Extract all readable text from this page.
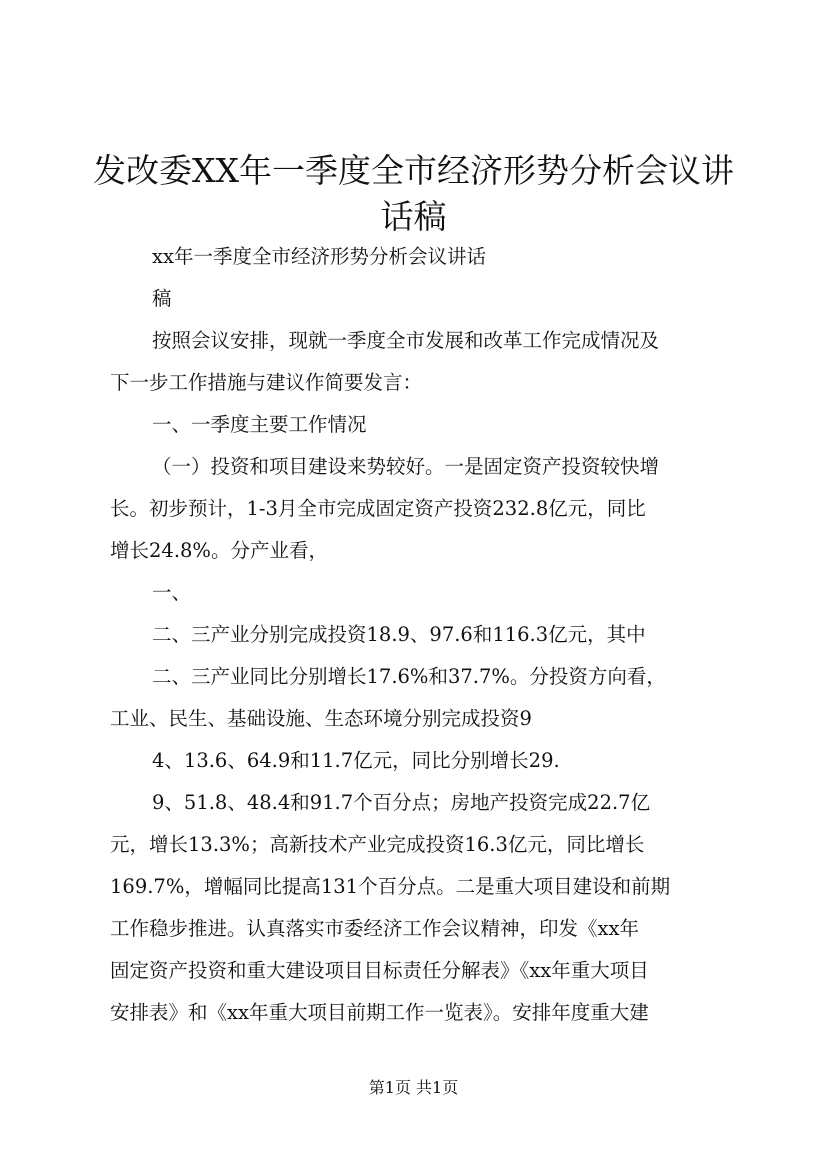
发改委XX年一季度全市经济形势分析会议讲
话稿
xx年一季度全市经济形势分析会议讲话
稿
按照会议安排，现就一季度全市发展和改革工作完成情况及
下一步工作措施与建议作简要发言：
一、一季度主要工作情况
（一）投资和项目建设来势较好。一是固定资产投资较快增
长。初步预计，1-3月全市完成固定资产投资232.8亿元，同比
增长24.8%。分产业看，
一、
二、三产业分别完成投资18.9、97.6和116.3亿元，其中
二、三产业同比分别增长17.6%和37.7%。分投资方向看，
工业、民生、基础设施、生态环境分别完成投资9
4、13.6、64.9和11.7亿元，同比分别增长29.
9、51.8、48.4和91.7个百分点；房地产投资完成22.7亿
元，增长13.3%；高新技术产业完成投资16.3亿元，同比增长
169.7%，增幅同比提高131个百分点。二是重大项目建设和前期
工作稳步推进。认真落实市委经济工作会议精神，印发《xx年
固定资产投资和重大建设项目目标责任分解表》《xx年重大项目
安排表》和《xx年重大项目前期工作一览表》。安排年度重大建
第1页 共1页
